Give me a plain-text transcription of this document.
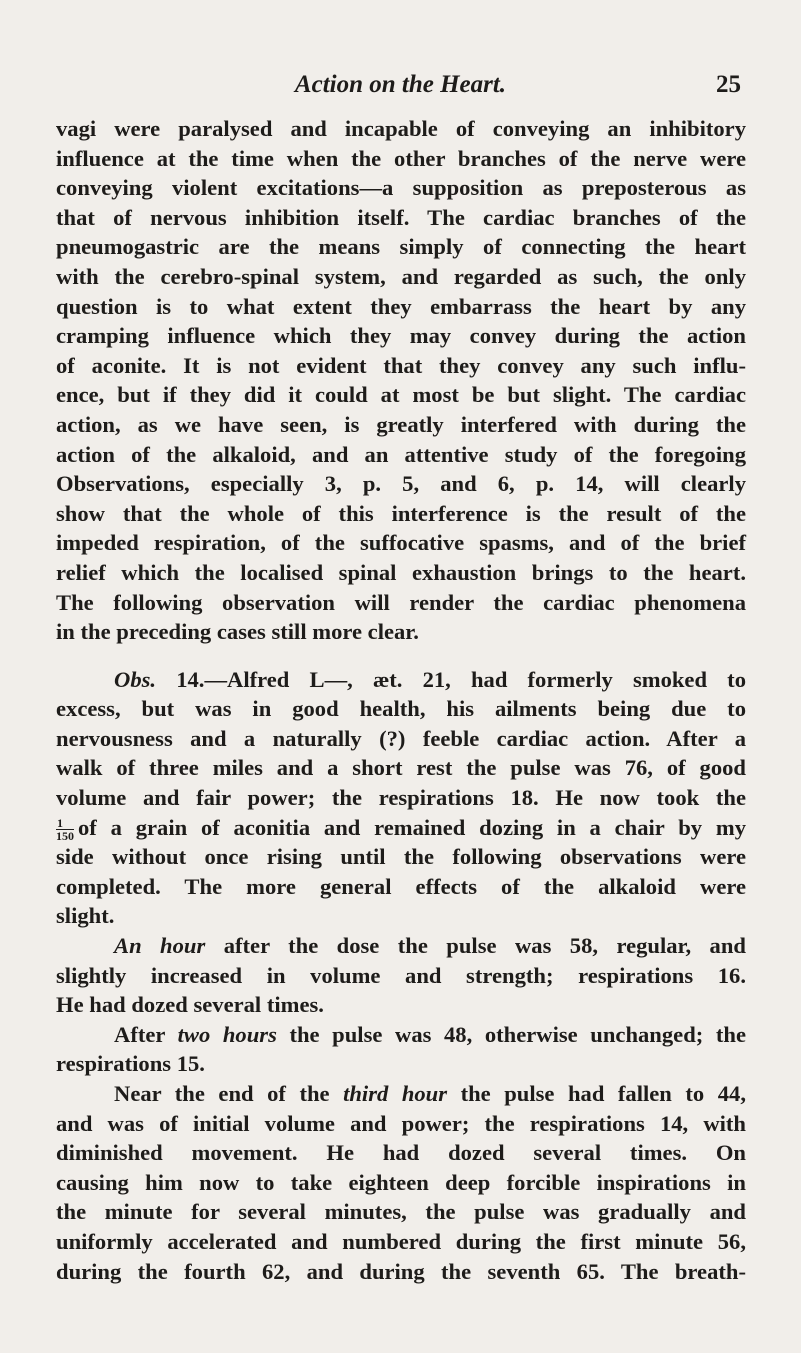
Action on the Heart.	25
vagi were paralysed and incapable of conveying an inhibitory
influence at the time when the other branches of the nerve were
conveying violent excitations—a supposition as preposterous as
that of nervous inhibition itself. The cardiac branches of the
pneumogastric are the means simply of connecting the heart
with the cerebro-spinal system, and regarded as such, the only
question is to what extent they embarrass the heart by any
cramping influence which they may convey during the action
of aconite. It is not evident that they convey any such influ-
ence, but if they did it could at most be but slight. The cardiac
action, as we have seen, is greatly interfered with during the
action of the alkaloid, and an attentive study of the foregoing
Observations, especially 3, p. 5, and 6, p. 14, will clearly
show that the whole of this interference is the result of the
impeded respiration, of the suffocative spasms, and of the brief
relief which the localised spinal exhaustion brings to the heart.
The following observation will render the cardiac phenomena
in the preceding cases still more clear.
Obs. 14.—Alfred L—, æt. 21, had formerly smoked to
excess, but was in good health, his ailments being due to
nervousness and a naturally (?) feeble cardiac action. After a
walk of three miles and a short rest the pulse was 76, of good
volume and fair power; the respirations 18. He now took the
$\frac{1}{150}$ of a grain of aconitia and remained dozing in a chair by my
side without once rising until the following observations were
completed. The more general effects of the alkaloid were
slight.
An hour after the dose the pulse was 58, regular, and
slightly increased in volume and strength; respirations 16.
He had dozed several times.
After two hours the pulse was 48, otherwise unchanged; the
respirations 15.
Near the end of the third hour the pulse had fallen to 44,
and was of initial volume and power; the respirations 14, with
diminished movement. He had dozed several times. On
causing him now to take eighteen deep forcible inspirations in
the minute for several minutes, the pulse was gradually and
uniformly accelerated and numbered during the first minute 56,
during the fourth 62, and during the seventh 65. The breath-
